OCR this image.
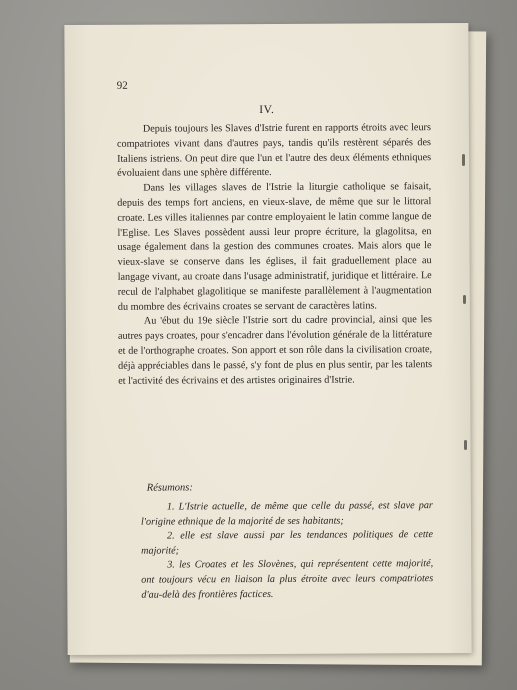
92
IV.

Depuis toujours les Slaves d'Istrie furent en rapports étroits avec leurs compatriotes vivant dans d'autres pays, tandis qu'ils restèrent séparés des Italiens istriens. On peut dire que l'un et l'autre des deux éléments ethniques évoluaient dans une sphère différente.

Dans les villages slaves de l'Istrie la liturgie catholique se faisait, depuis des temps fort anciens, en vieux-slave, de même que sur le littoral croate. Les villes italiennes par contre employaient le latin comme langue de l'Eglise. Les Slaves possèdent aussi leur propre écriture, la glagolitsa, en usage également dans la gestion des communes croates. Mais alors que le vieux-slave se conserve dans les églises, il fait graduellement place au langage vivant, au croate dans l'usage administratif, juridique et littéraire. Le recul de l'alphabet glagolitique se manifeste parallèlement à l'augmentation du mombre des écrivains croates se servant de caractères latins.

Au 'ébut du 19e siècle l'Istrie sort du cadre provincial, ainsi que les autres pays croates, pour s'encadrer dans l'évolution générale de la littérature et de l'orthographe croates. Son apport et son rôle dans la civilisation croate, déjà appréciables dans le passé, s'y font de plus en plus sentir, par les talents et l'activité des écrivains et des artistes originaires d'Istrie.

Résumons:

1. L'Istrie actuelle, de même que celle du passé, est slave par l'origine ethnique de la majorité de ses habitants;

2. elle est slave aussi par les tendances politiques de cette majorité;

3. les Croates et les Slovènes, qui représentent cette majorité, ont toujours vécu en liaison la plus étroite avec leurs compatriotes d'au-delà des frontières factices.
